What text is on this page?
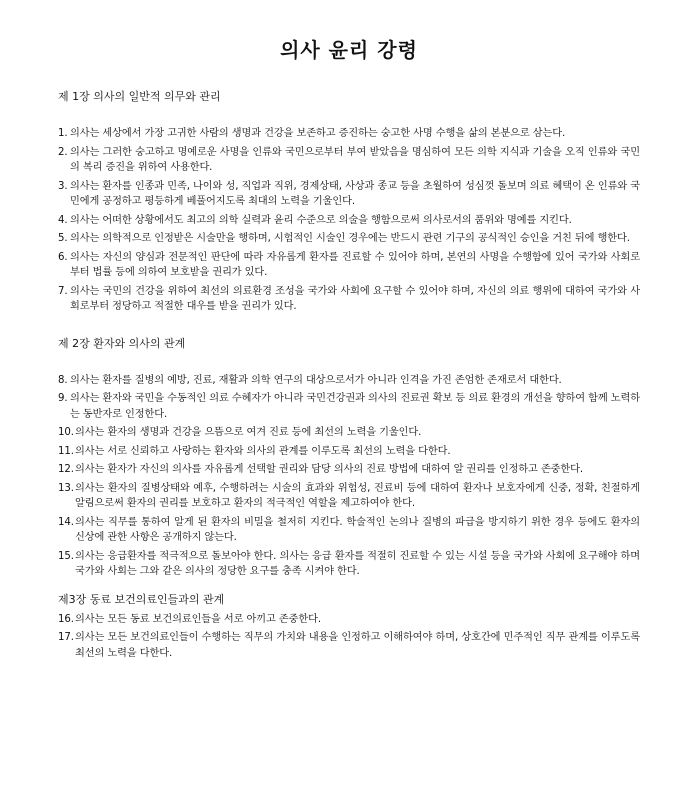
의사 윤리 강령
제 1장 의사의 일반적 의무와 관리
1. 의사는 세상에서 가장 고귀한 사람의 생명과 건강을 보존하고 증진하는 숭고한 사명 수행을 삶의 본분으로 삼는다.
2. 의사는 그러한 숭고하고 명예로운 사명을 인류와 국민으로부터 부여 받았음을 명심하여 모든 의학 지식과 기술을 오직 인류와 국민의 복리 증진을 위하여 사용한다.
3. 의사는 환자를 인종과 민족, 나이와 성, 직업과 직위, 경제상태, 사상과 종교 등을 초월하여 성심껏 돌보며 의료 혜택이 온 인류와 국민에게 공정하고 평등하게 베풀어지도록 최대의 노력을 기울인다.
4. 의사는 어떠한 상황에서도 최고의 의학 실력과 윤리 수준으로 의술을 행함으로써 의사로서의 품위와 명예를 지킨다.
5. 의사는 의학적으로 인정받은 시술만을 행하며, 시험적인 시술인 경우에는 반드시 관련 기구의 공식적인 승인을 거친 뒤에 행한다.
6. 의사는 자신의 양심과 전문적인 판단에 따라 자유롭게 환자를 진료할 수 있어야 하며, 본연의 사명을 수행함에 있어 국가와 사회로부터 법률 등에 의하여 보호받을 권리가 있다.
7. 의사는 국민의 건강을 위하여 최선의 의료환경 조성을 국가와 사회에 요구할 수 있어야 하며, 자신의 의료 행위에 대하여 국가와 사회로부터 정당하고 적절한 대우를 받을 권리가 있다.
제 2장 환자와 의사의 관계
8. 의사는 환자를 질병의 예방, 진료, 재활과 의학 연구의 대상으로서가 아니라 인격을 가진 존엄한 존재로서 대한다.
9. 의사는 환자와 국민을 수동적인 의료 수혜자가 아니라 국민건강권과 의사의 진료권 확보 등 의료 환경의 개선을 향하여 함께 노력하는 동반자로 인정한다.
10. 의사는 환자의 생명과 건강을 으뜸으로 여겨 진료 등에 최선의 노력을 기울인다.
11. 의사는 서로 신뢰하고 사랑하는 환자와 의사의 관계를 이루도록 최선의 노력을 다한다.
12. 의사는 환자가 자신의 의사를 자유롭게 선택할 권리와 담당 의사의 진료 방법에 대하여 알 권리를 인정하고 존중한다.
13. 의사는 환자의 질병상태와 예후, 수행하려는 시술의 효과와 위험성, 진료비 등에 대하여 환자나 보호자에게 신중, 정확, 친절하게 알림으로써 환자의 권리를 보호하고 환자의 적극적인 역할을 제고하여야 한다.
14. 의사는 직무를 통하여 알게 된 환자의 비밀을 철저히 지킨다. 학술적인 논의나 질병의 파급을 방지하기 위한 경우 등에도 환자의 신상에 관한 사항은 공개하지 않는다.
15. 의사는 응급환자를 적극적으로 돌보아야 한다. 의사는 응급 환자를 적절히 진료할 수 있는 시설 등을 국가와 사회에 요구해야 하며 국가와 사회는 그와 같은 의사의 정당한 요구를 충족 시켜야 한다.
제3장 동료 보건의료인들과의 관계
16. 의사는 모든 동료 보건의료인들을 서로 아끼고 존중한다.
17. 의사는 모든 보건의료인들이 수행하는 직무의 가치와 내용을 인정하고 이해하여야 하며, 상호간에 민주적인 직무 관계를 이루도록 최선의 노력을 다한다.
